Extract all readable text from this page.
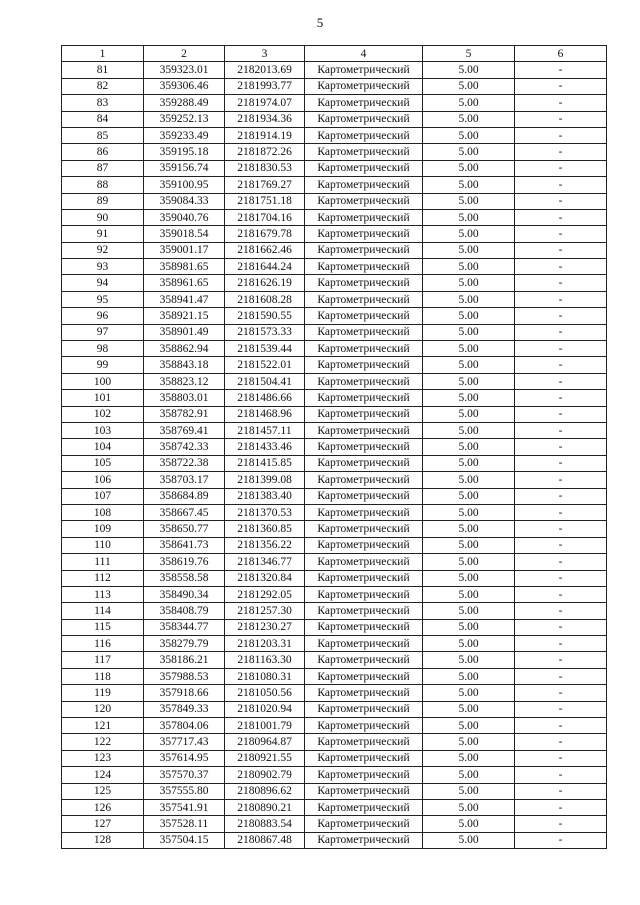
5
1	2	3	4	5	6
81	359323.01	2182013.69	Картометрический	5.00	-
82	359306.46	2181993.77	Картометрический	5.00	-
83	359288.49	2181974.07	Картометрический	5.00	-
84	359252.13	2181934.36	Картометрический	5.00	-
85	359233.49	2181914.19	Картометрический	5.00	-
86	359195.18	2181872.26	Картометрический	5.00	-
87	359156.74	2181830.53	Картометрический	5.00	-
88	359100.95	2181769.27	Картометрический	5.00	-
89	359084.33	2181751.18	Картометрический	5.00	-
90	359040.76	2181704.16	Картометрический	5.00	-
91	359018.54	2181679.78	Картометрический	5.00	-
92	359001.17	2181662.46	Картометрический	5.00	-
93	358981.65	2181644.24	Картометрический	5.00	-
94	358961.65	2181626.19	Картометрический	5.00	-
95	358941.47	2181608.28	Картометрический	5.00	-
96	358921.15	2181590.55	Картометрический	5.00	-
97	358901.49	2181573.33	Картометрический	5.00	-
98	358862.94	2181539.44	Картометрический	5.00	-
99	358843.18	2181522.01	Картометрический	5.00	-
100	358823.12	2181504.41	Картометрический	5.00	-
101	358803.01	2181486.66	Картометрический	5.00	-
102	358782.91	2181468.96	Картометрический	5.00	-
103	358769.41	2181457.11	Картометрический	5.00	-
104	358742.33	2181433.46	Картометрический	5.00	-
105	358722.38	2181415.85	Картометрический	5.00	-
106	358703.17	2181399.08	Картометрический	5.00	-
107	358684.89	2181383.40	Картометрический	5.00	-
108	358667.45	2181370.53	Картометрический	5.00	-
109	358650.77	2181360.85	Картометрический	5.00	-
110	358641.73	2181356.22	Картометрический	5.00	-
111	358619.76	2181346.77	Картометрический	5.00	-
112	358558.58	2181320.84	Картометрический	5.00	-
113	358490.34	2181292.05	Картометрический	5.00	-
114	358408.79	2181257.30	Картометрический	5.00	-
115	358344.77	2181230.27	Картометрический	5.00	-
116	358279.79	2181203.31	Картометрический	5.00	-
117	358186.21	2181163.30	Картометрический	5.00	-
118	357988.53	2181080.31	Картометрический	5.00	-
119	357918.66	2181050.56	Картометрический	5.00	-
120	357849.33	2181020.94	Картометрический	5.00	-
121	357804.06	2181001.79	Картометрический	5.00	-
122	357717.43	2180964.87	Картометрический	5.00	-
123	357614.95	2180921.55	Картометрический	5.00	-
124	357570.37	2180902.79	Картометрический	5.00	-
125	357555.80	2180896.62	Картометрический	5.00	-
126	357541.91	2180890.21	Картометрический	5.00	-
127	357528.11	2180883.54	Картометрический	5.00	-
128	357504.15	2180867.48	Картометрический	5.00	-
